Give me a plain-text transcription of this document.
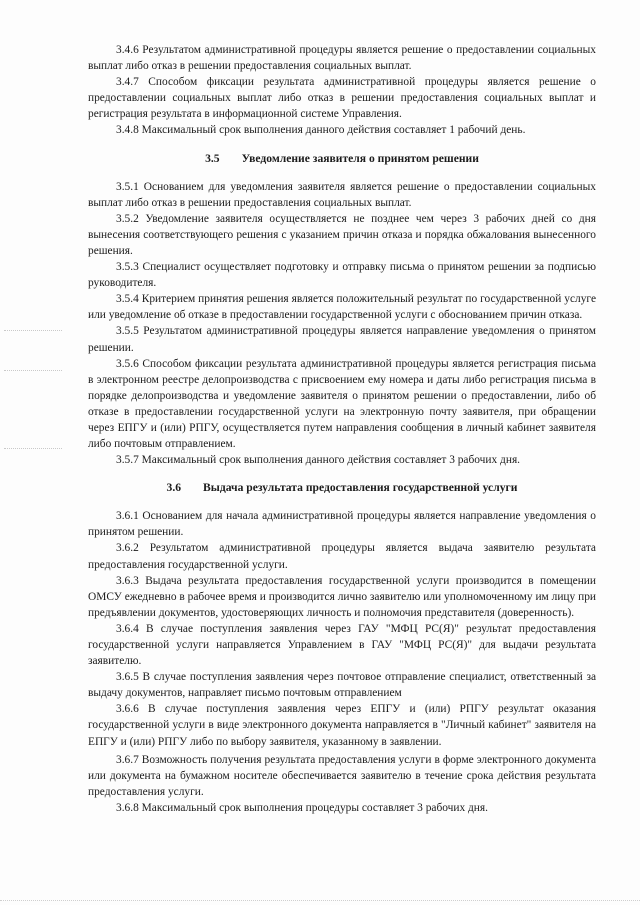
3.4.6 Результатом административной процедуры является решение о предоставлении социальных выплат либо отказ в решении предоставления социальных выплат.

3.4.7 Способом фиксации результата административной процедуры является решение о предоставлении социальных выплат либо отказ в решении предоставления социальных выплат и регистрация результата в информационной системе Управления.

3.4.8 Максимальный срок выполнения данного действия составляет 1 рабочий день.

3.5 Уведомление заявителя о принятом решении

3.5.1 Основанием для уведомления заявителя является решение о предоставлении социальных выплат либо отказ в решении предоставления социальных выплат.

3.5.2 Уведомление заявителя осуществляется не позднее чем через 3 рабочих дней со дня вынесения соответствующего решения с указанием причин отказа и порядка обжалования вынесенного решения.

3.5.3 Специалист осуществляет подготовку и отправку письма о принятом решении за подписью руководителя.

3.5.4 Критерием принятия решения является положительный результат по государственной услуге или уведомление об отказе в предоставлении государственной услуги с обоснованием причин отказа.

3.5.5 Результатом административной процедуры является направление уведомления о принятом решении.

3.5.6 Способом фиксации результата административной процедуры является регистрация письма в электронном реестре делопроизводства с присвоением ему номера и даты либо регистрация письма в порядке делопроизводства и уведомление заявителя о принятом решении о предоставлении, либо об отказе в предоставлении государственной услуги на электронную почту заявителя, при обращении через ЕПГУ и (или) РПГУ, осуществляется путем направления сообщения в личный кабинет заявителя либо почтовым отправлением.

3.5.7 Максимальный срок выполнения данного действия составляет 3 рабочих дня.

3.6 Выдача результата предоставления государственной услуги

3.6.1 Основанием для начала административной процедуры является направление уведомления о принятом решении.

3.6.2 Результатом административной процедуры является выдача заявителю результата предоставления государственной услуги.

3.6.3 Выдача результата предоставления государственной услуги производится в помещении ОМСУ ежедневно в рабочее время и производится лично заявителю или уполномоченному им лицу при предъявлении документов, удостоверяющих личность и полномочия представителя (доверенность).

3.6.4 В случае поступления заявления через ГАУ "МФЦ РС(Я)" результат предоставления государственной услуги направляется Управлением в ГАУ "МФЦ РС(Я)" для выдачи результата заявителю.

3.6.5 В случае поступления заявления через почтовое отправление специалист, ответственный за выдачу документов, направляет письмо почтовым отправлением

3.6.6 В случае поступления заявления через ЕПГУ и (или) РПГУ результат оказания государственной услуги в виде электронного документа направляется в "Личный кабинет" заявителя на ЕПГУ и (или) РПГУ либо по выбору заявителя, указанному в заявлении.

3.6.7 Возможность получения результата предоставления услуги в форме электронного документа или документа на бумажном носителе обеспечивается заявителю в течение срока действия результата предоставления услуги.

3.6.8 Максимальный срок выполнения процедуры составляет 3 рабочих дня.
